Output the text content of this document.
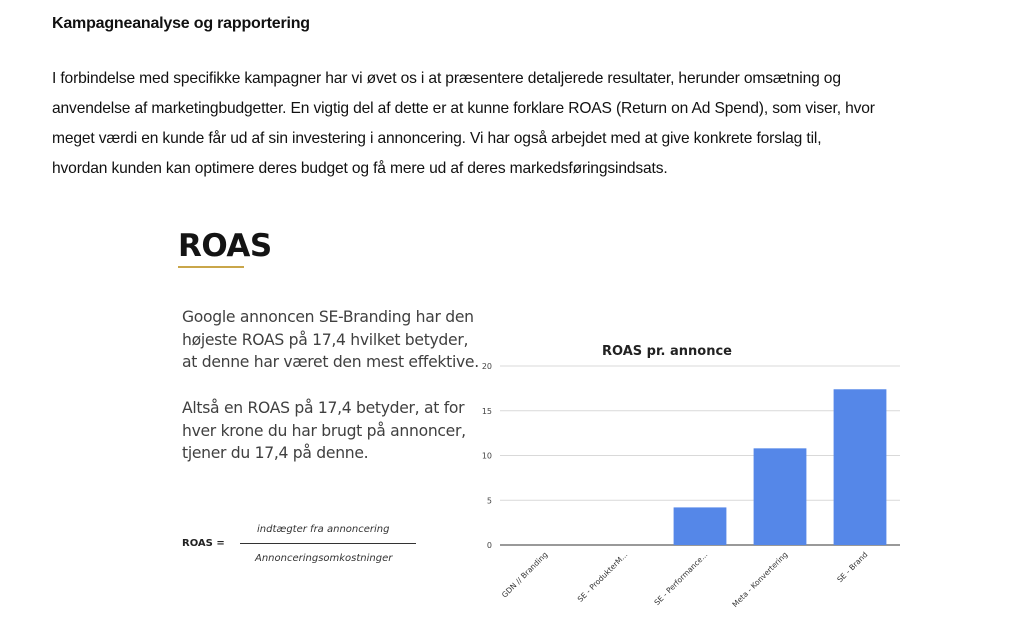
Kampagneanalyse og rapportering
I forbindelse med specifikke kampagner har vi øvet os i at præsentere detaljerede resultater, herunder omsætning og
anvendelse af marketingbudgetter. En vigtig del af dette er at kunne forklare ROAS (Return on Ad Spend), som viser, hvor
meget værdi en kunde får ud af sin investering i annoncering. Vi har også arbejdet med at give konkrete forslag til,
hvordan kunden kan optimere deres budget og få mere ud af deres markedsføringsindsats.
ROAS
Google annoncen SE-Branding har den
højeste ROAS på 17,4 hvilket betyder,
at denne har været den mest effektive.
Altså en ROAS på 17,4 betyder, at for
hver krone du har brugt på annoncer,
tjener du 17,4 på denne.
ROAS =
indtægter fra annoncering
Annonceringsomkostninger
ROAS pr. annonce
0
5
10
15
20
GDN // Branding	SE - ProdukterM...	SE - Performance...	Meta - Konvertering	SE - Brand
